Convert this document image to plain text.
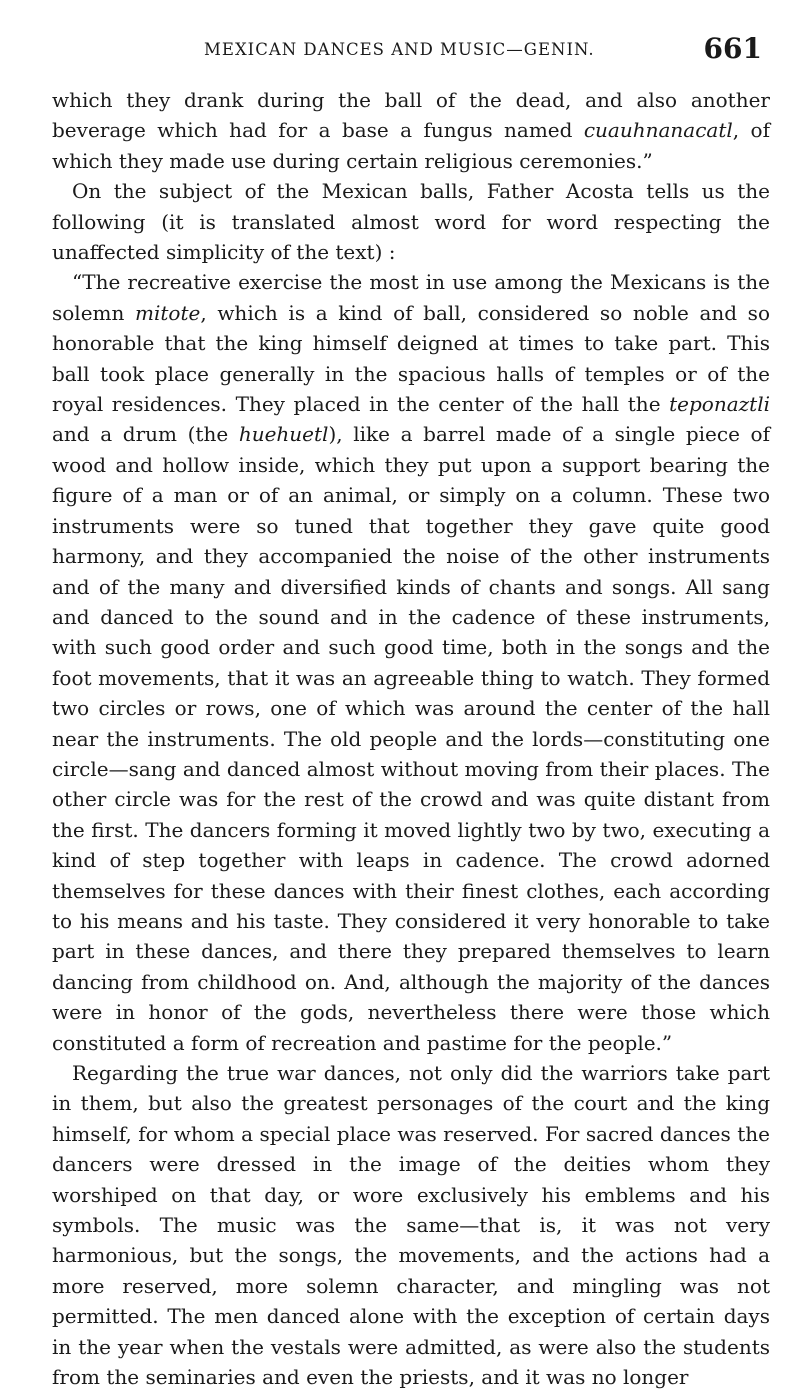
MEXICAN DANCES AND MUSIC—GENIN.	661

which they drank during the ball of the dead, and also another beverage which had for a base a fungus named cuauhnanacatl, of which they made use during certain religious ceremonies.”

On the subject of the Mexican balls, Father Acosta tells us the following (it is translated almost word for word respecting the unaffected simplicity of the text) :

“The recreative exercise the most in use among the Mexicans is the solemn mitote, which is a kind of ball, considered so noble and so honorable that the king himself deigned at times to take part. This ball took place generally in the spacious halls of temples or of the royal residences. They placed in the center of the hall the teponaztli and a drum (the huehuetl), like a barrel made of a single piece of wood and hollow inside, which they put upon a support bearing the figure of a man or of an animal, or simply on a column. These two instruments were so tuned that together they gave quite good harmony, and they accompanied the noise of the other instruments and of the many and diversified kinds of chants and songs. All sang and danced to the sound and in the cadence of these instruments, with such good order and such good time, both in the songs and the foot movements, that it was an agreeable thing to watch. They formed two circles or rows, one of which was around the center of the hall near the instruments. The old people and the lords—constituting one circle—sang and danced almost without moving from their places. The other circle was for the rest of the crowd and was quite distant from the first. The dancers forming it moved lightly two by two, executing a kind of step together with leaps in cadence. The crowd adorned themselves for these dances with their finest clothes, each according to his means and his taste. They considered it very honorable to take part in these dances, and there they prepared themselves to learn dancing from childhood on. And, although the majority of the dances were in honor of the gods, nevertheless there were those which constituted a form of recreation and pastime for the people.”

Regarding the true war dances, not only did the warriors take part in them, but also the greatest personages of the court and the king himself, for whom a special place was reserved. For sacred dances the dancers were dressed in the image of the deities whom they worshiped on that day, or wore exclusively his emblems and his symbols. The music was the same—that is, it was not very harmonious, but the songs, the movements, and the actions had a more reserved, more solemn character, and mingling was not permitted. The men danced alone with the exception of certain days in the year when the vestals were admitted, as were also the students from the seminaries and even the priests, and it was no longer
